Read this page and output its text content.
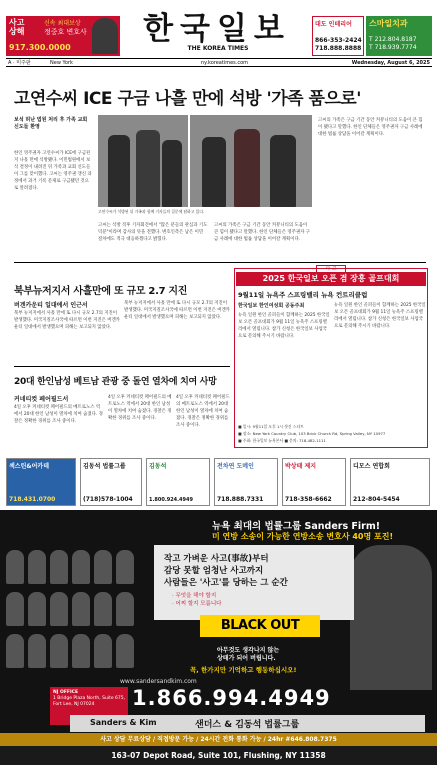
사고
상해
신속 최대보상
정중호 변호사
917.300.0000
한국일보
THE KOREA TIMES
대도 인테리어
866-353-2424
718.888.8888
스마일치과
T 212.804.8187
T 718.939.7774
A · 미주판	New York	ny.koreatimes.com	Wednesday, August 6, 2025
고연수씨 ICE 구금 나흘 만에 석방 '가족 품으로'
보석 허난 법원 처리 후 가족 교회 신도들 환영
한인 영주권자 고연수씨가 ICE에 구금된 지 나흘 만에 석방됐다. 이민법원에서 보석 결정이 내려진 뒤 가족과 교회 신도들이 그를 맞이했다. 고씨는 영주권 갱신 과정에서 과거 기록 문제로 구금됐던 것으로 알려졌다.
고연수씨가 석방된 뒤 가족과 함께 기자들의 질문에 답하고 있다.
고씨는 석방 직후 기자회견에서 "많은 분들의 관심과 기도 덕분"이라며 감사의 뜻을 전했다. 변호인측은 남은 이민 절차에도 적극 대응하겠다고 밝혔다.
고씨의 가족은 구금 기간 동안 커뮤니티의 도움이 큰 힘이 됐다고 말했다. 한인 단체들은 영주권자 구금 사례에 대한 법률 상담을 이어갈 계획이다.
고씨의 가족은 구금 기간 동안 커뮤니티의 도움이 큰 힘이 됐다고 말했다. 한인 단체들은 영주권자 구금 사례에 대한 법률 상담을 이어갈 계획이다.
북부뉴저지서 사흘만에 또 규모 2.7 지진
버겐카운티 일대에서 인근서
북부 뉴저지에서 사흘 만에 또 다시 규모 2.7의 지진이 발생했다. 미국지질조사국에 따르면 이번 지진은 버겐카운티 일대에서 발생했으며 피해는 보고되지 않았다.
북부 뉴저지에서 사흘 만에 또 다시 규모 2.7의 지진이 발생했다. 미국지질조사국에 따르면 이번 지진은 버겐카운티 일대에서 발생했으며 피해는 보고되지 않았다.
20대 한인남성 베트남 관광 중 돌연 열차에 치여 사망
커네티컷 페어필드서
4일 오후 커네티컷 페어필드의 메트로노스 역에서 20대 한인 남성이 열차에 치여 숨졌다. 경찰은 정확한 경위를 조사 중이다.
4일 오후 커네티컷 페어필드의 메트로노스 역에서 20대 한인 남성이 열차에 치여 숨졌다. 경찰은 정확한 경위를 조사 중이다.
4일 오후 커네티컷 페어필드의 메트로노스 역에서 20대 한인 남성이 열차에 치여 숨졌다. 경찰은 정확한 경위를 조사 중이다.
사 고
2025 한국일보 오픈 겸 장흥 골프대회
9월11일 뉴욕주 스프링밸리 뉴욕 컨트리클럽
한국일보 한인여성회 공동주최
뉴욕 일원 한인 골퍼들이 함께하는 2025 한국일보 오픈 골프대회가 9월 11일 뉴욕주 스프링밸리에서 열립니다. 참가 신청은 한국일보 사업국으로 문의해 주시기 바랍니다.
뉴욕 일원 한인 골퍼들이 함께하는 2025 한국일보 오픈 골프대회가 9월 11일 뉴욕주 스프링밸리에서 열립니다. 참가 신청은 한국일보 사업국으로 문의해 주시기 바랍니다.
■ 일시: 9월11일 오후 1시 샷건 스타트
■ 장소: New York Country Club, 103 Brick Church Rd, Spring Valley, NY 10977
■ 주최: 한국일보 뉴욕본사 ■ 문의: 718-482-1111
섹스틴&어카데
718.431.0700
김동석 법률그룹
(718)578-1004
김동석
1.800.924.4949
전차연 도메인
718.888.7331
박상태 제지
718-358-6662
디모스 연합회
212-804-5454
뉴욕 최대의 법률그룹 Sanders Firm!
미 연방 소송이 가능한 연방소송 변호사 40명 포진!
작고 가벼운 사고(事故)부터
감당 못할 엄청난 사고까지
사람들은 '사고'를 당하는 그 순간
· 무엇을 해야 할지
· 어찌 할지 모릅니다
BLACK OUT
아무것도 생각나지 않는
상태가 되어 버립니다.
꼭, 한가지만 기억하고 행동하십시오!
www.sandersandkim.com
NJ OFFICE
1 Bridge Plaza North, Suite 675,
Fort Lee, NJ 07024	1.866.994.4949
Sanders & Kim	샌더스 & 김동석 법률그룹
사고 상담 무료상담 / 직접방문 가능 / 24시간 전화 통화 가능 / 24hr #646.808.7375
163-07 Depot Road, Suite 101, Flushing, NY 11358
